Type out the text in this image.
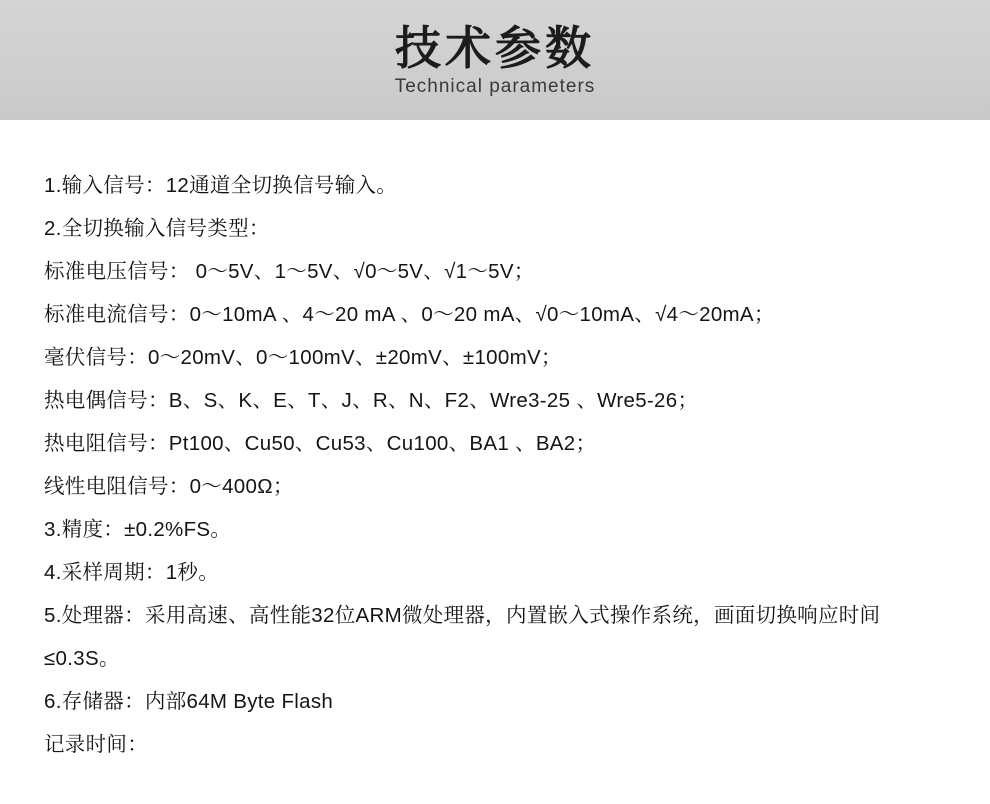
技术参数
Technical parameters
1.输入信号：12通道全切换信号输入。
2.全切换输入信号类型：
标准电压信号： 0～5V、1～5V、√0～5V、√1～5V；
标准电流信号：0～10mA 、4～20 mA 、0～20 mA、√0～10mA、√4～20mA；
毫伏信号：0～20mV、0～100mV、±20mV、±100mV；
热电偶信号：B、S、K、E、T、J、R、N、F2、Wre3-25 、Wre5-26；
热电阻信号：Pt100、Cu50、Cu53、Cu100、BA1 、BA2；
线性电阻信号：0～400Ω；
3.精度：±0.2%FS。
4.采样周期：1秒。
5.处理器：采用高速、高性能32位ARM微处理器，内置嵌入式操作系统，画面切换响应时间≤0.3S。
6.存储器：内部64M Byte Flash
记录时间：
